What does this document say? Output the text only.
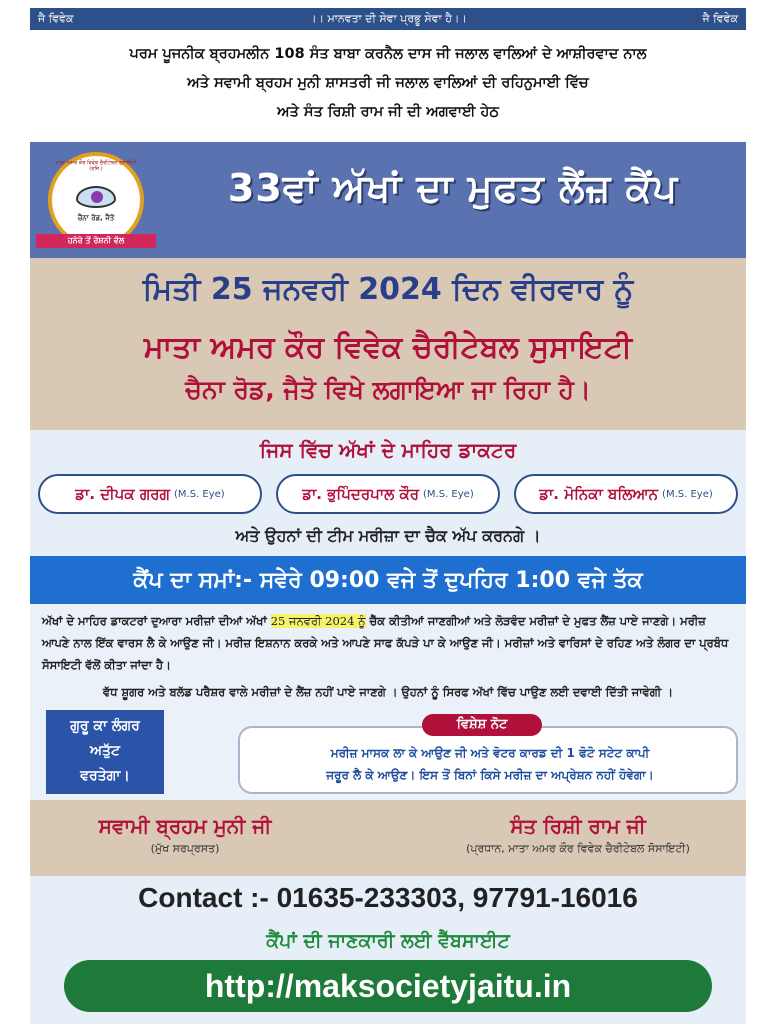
ਜੈ ਵਿਵੇਕ	।। ਮਾਨਵਤਾ ਦੀ ਸੇਵਾ ਪ੍ਰਭੂ ਸੇਵਾ ਹੈ।।	ਜੈ ਵਿਵੇਕ
ਪਰਮ ਪੂਜਨੀਕ ਬ੍ਰਹਮਲੀਨ 108 ਸੰਤ ਬਾਬਾ ਕਰਨੈਲ ਦਾਸ ਜੀ ਜਲਾਲ ਵਾਲਿਆਂ ਦੇ ਆਸ਼ੀਰਵਾਦ ਨਾਲ
ਅਤੇ ਸਵਾਮੀ ਬ੍ਰਹਮ ਮੁਨੀ ਸ਼ਾਸਤਰੀ ਜੀ ਜਲਾਲ ਵਾਲਿਆਂ ਦੀ ਰਹਿਨੁਮਾਈ ਵਿੱਚ
ਅਤੇ ਸੰਤ ਰਿਸ਼ੀ ਰਾਮ ਜੀ ਦੀ ਅਗਵਾਈ ਹੇਠ
ਮਾਤਾ ਅਮਰ ਕੌਰ ਵਿਵੇਕ ਚੈਰੀਟੇਬਲ ਸੁਸਾਇਟੀ (ਰਜਿ.)
ਚੈਨਾ ਰੋਡ, ਜੈਤੋ
ਹਨੇਰੇ ਤੋਂ ਰੋਸ਼ਨੀ ਵੱਲ
33ਵਾਂ ਅੱਖਾਂ ਦਾ ਮੁਫਤ ਲੈਂਜ਼ ਕੈਂਪ
ਮਿਤੀ 25 ਜਨਵਰੀ 2024 ਦਿਨ ਵੀਰਵਾਰ ਨੂੰ
ਮਾਤਾ ਅਮਰ ਕੌਰ ਵਿਵੇਕ ਚੈਰੀਟੇਬਲ ਸੁਸਾਇਟੀ
ਚੈਨਾ ਰੋਡ, ਜੈਤੋ ਵਿਖੇ ਲਗਾਇਆ ਜਾ ਰਿਹਾ ਹੈ।
ਜਿਸ ਵਿੱਚ ਅੱਖਾਂ ਦੇ ਮਾਹਿਰ ਡਾਕਟਰ
ਡਾ. ਦੀਪਕ ਗਰਗ (M.S. Eye)	ਡਾ. ਭੁਪਿੰਦਰਪਾਲ ਕੌਰ (M.S. Eye)	ਡਾ. ਮੋਨਿਕਾ ਬਲਿਆਨ (M.S. Eye)
ਅਤੇ ਉਹਨਾਂ ਦੀ ਟੀਮ ਮਰੀਜ਼ਾ ਦਾ ਚੈਕ ਅੱਪ ਕਰਨਗੇ ।
ਕੈਂਪ ਦਾ ਸਮਾਂ:- ਸਵੇਰੇ 09:00 ਵਜੇ ਤੋਂ ਦੁਪਹਿਰ 1:00 ਵਜੇ ਤੱਕ
ਅੱਖਾਂ ਦੇ ਮਾਹਿਰ ਡਾਕਟਰਾਂ ਦੁਆਰਾ ਮਰੀਜ਼ਾਂ ਦੀਆਂ ਅੱਖਾਂ 25 ਜਨਵਰੀ 2024 ਨੂੰ ਚੈੱਕ ਕੀਤੀਆਂ ਜਾਣਗੀਆਂ ਅਤੇ ਲੋੜਵੰਦ ਮਰੀਜ਼ਾਂ ਦੇ ਮੁਫਤ ਲੈਂਜ਼ ਪਾਏ ਜਾਣਗੇ। ਮਰੀਜ਼ ਆਪਣੇ ਨਾਲ ਇੱਕ ਵਾਰਸ ਲੈ ਕੇ ਆਉਣ ਜੀ। ਮਰੀਜ਼ ਇਸ਼ਨਾਨ ਕਰਕੇ ਅਤੇ ਆਪਣੇ ਸਾਫ ਕੱਪੜੇ ਪਾ ਕੇ ਆਉਣ ਜੀ। ਮਰੀਜ਼ਾਂ ਅਤੇ ਵਾਰਿਸਾਂ ਦੇ ਰਹਿਣ ਅਤੇ ਲੰਗਰ ਦਾ ਪ੍ਰਬੰਧ ਸੋਸਾਇਟੀ ਵੱਲੋਂ ਕੀਤਾ ਜਾਂਦਾ ਹੈ।
ਵੱਧ ਸ਼ੂਗਰ ਅਤੇ ਬਲੱਡ ਪਰੈਸ਼ਰ ਵਾਲੇ ਮਰੀਜ਼ਾਂ ਦੇ ਲੈਂਜ਼ ਨਹੀਂ ਪਾਏ ਜਾਣਗੇ । ਉਹਨਾਂ ਨੂੰ ਸਿਰਫ ਅੱਖਾਂ ਵਿੱਚ ਪਾਉਣ ਲਈ ਦਵਾਈ ਦਿੱਤੀ ਜਾਵੇਗੀ ।
ਗੁਰੂ ਕਾ ਲੰਗਰ
ਅਤੁੱਟ
ਵਰਤੇਗਾ।
ਮਰੀਜ਼ ਮਾਸਕ ਲਾ ਕੇ ਆਉਣ ਜੀ ਅਤੇ ਵੋਟਰ ਕਾਰਡ ਦੀ 1 ਫੋਟੋ ਸਟੇਟ ਕਾਪੀ
ਜਰੂਰ ਲੈ ਕੇ ਆਉਣ। ਇਸ ਤੋਂ ਬਿਨਾਂ ਕਿਸੇ ਮਰੀਜ਼ ਦਾ ਅਪ੍ਰੇਸ਼ਨ ਨਹੀਂ ਹੋਵੇਗਾ।
ਵਿਸ਼ੇਸ਼ ਨੋਟ
ਸਵਾਮੀ ਬ੍ਰਹਮ ਮੁਨੀ ਜੀ
(ਮੁੱਖ ਸਰਪ੍ਰਸਤ)
ਸੰਤ ਰਿਸ਼ੀ ਰਾਮ ਜੀ
(ਪ੍ਰਧਾਨ, ਮਾਤਾ ਅਮਰ ਕੌਰ ਵਿਵੇਕ ਚੈਰੀਟੇਬਲ ਸੋਸਾਇਟੀ)
Contact :- 01635-233303, 97791-16016
ਕੈਂਪਾਂ ਦੀ ਜਾਣਕਾਰੀ ਲਈ ਵੈੱਬਸਾਈਟ
http://maksocietyjaitu.in
